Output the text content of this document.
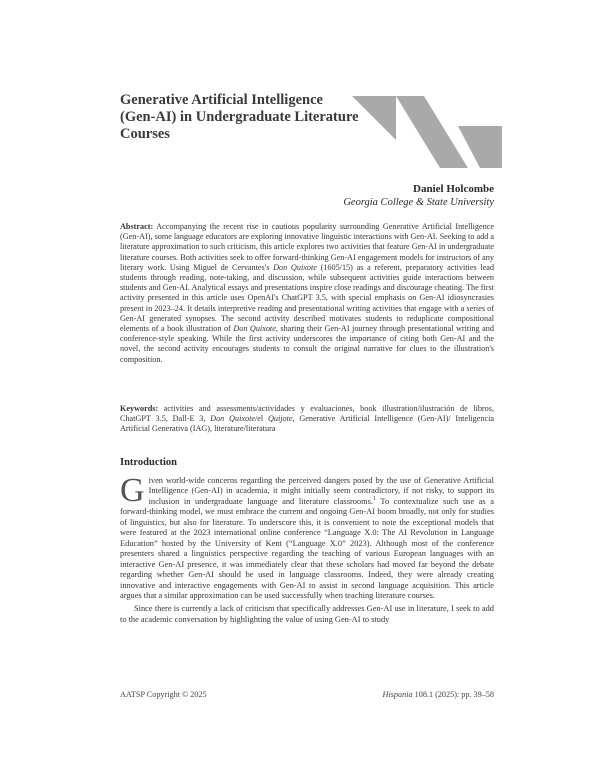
Generative Artificial Intelligence (Gen-AI) in Undergraduate Literature Courses
Daniel Holcombe
Georgia College & State University
Abstract: Accompanying the recent rise in cautious popularity surrounding Generative Artificial Intelligence (Gen-AI), some language educators are exploring innovative linguistic interactions with Gen-AI. Seeking to add a literature approximation to such criticism, this article explores two activities that feature Gen-AI in undergraduate literature courses. Both activities seek to offer forward-thinking Gen-AI engagement models for instructors of any literary work. Using Miguel de Cervantes's Don Quixote (1605/15) as a referent, preparatory activities lead students through reading, note-taking, and discussion, while subsequent activities guide interactions between students and Gen-AI. Analytical essays and presentations inspire close readings and discourage cheating. The first activity presented in this article uses OpenAI's ChatGPT 3.5, with special emphasis on Gen-AI idiosyncrasies present in 2023–24. It details interpretive reading and presentational writing activities that engage with a series of Gen-AI generated synopses. The second activity described motivates students to reduplicate compositional elements of a book illustration of Don Quixote, sharing their Gen-AI journey through presentational writing and conference-style speaking. While the first activity underscores the importance of citing both Gen-AI and the novel, the second activity encourages students to consult the original narrative for clues to the illustration's composition.
Keywords: activities and assessments/actividades y evaluaciones, book illustration/ilustración de libros, ChatGPT 3.5, Dall-E 3, Don Quixote/el Quijote, Generative Artificial Intelligence (Gen-AI)/ Inteligencia Artificial Generativa (IAG), literature/literatura
Introduction

Given world-wide concerns regarding the perceived dangers posed by the use of Generative Artificial Intelligence (Gen-AI) in academia, it might initially seem contradictory, if not risky, to support its inclusion in undergraduate language and literature classrooms.$^1$ To contextualize such use as a forward-thinking model, we must embrace the current and ongoing Gen-AI boom broadly, not only for studies of linguistics, but also for literature. To underscore this, it is convenient to note the exceptional models that were featured at the 2023 international online conference “Language X.0: The AI Revolution in Language Education” hosted by the University of Kent (“Language X.0” 2023). Although most of the conference presenters shared a linguistics perspective regarding the teaching of various European languages with an interactive Gen-AI presence, it was immediately clear that these scholars had moved far beyond the debate regarding whether Gen-AI should be used in language classrooms. Indeed, they were already creating innovative and interactive engagements with Gen-AI to assist in second language acquisition. This article argues that a similar approximation can be used successfully when teaching literature courses.

Since there is currently a lack of criticism that specifically addresses Gen-AI use in literature, I seek to add to the academic conversation by highlighting the value of using Gen-AI to study

AATSP Copyright © 2025	Hispania 108.1 (2025): pp. 39–58
